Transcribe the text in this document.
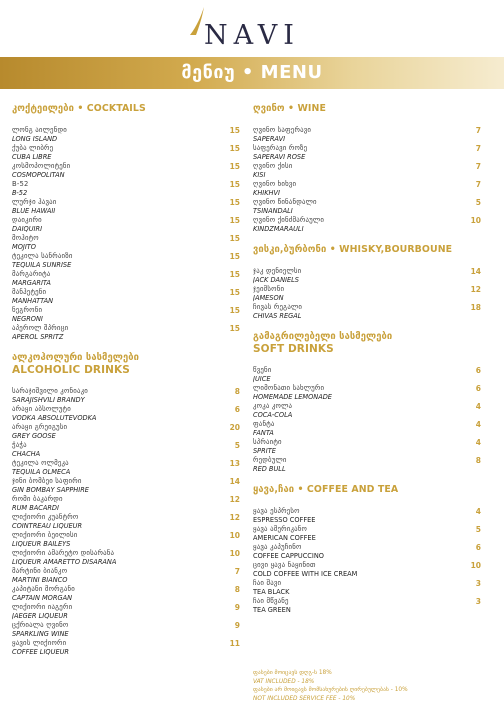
NAVI
მენიუ • MENU
კოქტეილები • COCKTAILS
ლონგ აილენდი
LONG ISLAND
15
ქუბა ლიბრე
CUBA LIBRE
15
კოსმოპოლიტენი
COSMOPOLITAN
15
B-52
B-52
15
ლურჯი ჰავაი
BLUE HAWAII
15
დაიკირი
DAIQUIRI
15
მოჰიტო
MOJITO
15
ტეკილა სანრაიზი
TEQUILA SUNRISE
15
მარგარიტა
MARGARITA
15
მანჰეტენი
MANHATTAN
15
ნეგრონი
NEGRONI
15
აპეროლ შპრიცი
APEROL SPRITZ
15
ალკოჰოლური სასმელები
ALCOHOLIC DRINKS
სარაჯიშვილი კონიაკი
SARAJISHVILI BRANDY
8
არაყი აბსოლუტი
VODKA ABSOLUTEVODKA
6
არაყი გრეიგუსი
GREY GOOSE
20
ჭაჭა
CHACHA
5
ტეკილა ოლმეკა
TEQUILA OLMECA
13
ჯინი ბომბეი საფირი
GIN BOMBAY SAPPHIRE
14
რომი ბაკარდი
RUM BACARDI
12
ლიქიორი კუანტრო
COINTREAU LIQUEUR
12
ლიქიორი ბეილისი
LIQUEUR BAILEYS
10
ლიქიორი ამარეტო დისარანა
LIQUEUR AMARETTO DISARANA
10
მარტინი ბიანკო
MARTINI BIANCO
7
კაპიტანი მორგანი
CAPTAIN MORGAN
8
ლიქიორი იაგერი
JAEGER LIQUEUR
9
ცქრიალა ღვინო
SPARKLING WINE
9
ყავის ლიქიორი
COFFEE LIQUEUR
11
ღვინო • WINE
ღვინო საფერავი
SAPERAVI
7
საფერავი როზე
SAPERAVI ROSE
7
ღვინო ქისი
KISI
7
ღვინო ხიხვი
KHIKHVI
7
ღვინო წინანდალი
TSINANDALI
5
ღვინო ქინძმარაული
KINDZMARAULI
10
ვისკი,ბურბონი • WHISKY,BOURBOUNE
ჯაკ დენიელსი
JACK DANIELS
14
ჯეიმსონი
JAMESON
12
ჩივას რეგალი
CHIVAS REGAL
18
გამაგრილებელი სასმელები
SOFT DRINKS
წვენი
JUICE
6
ლიმონათი სახლური
HOMEMADE LEMONADE
6
კოკა კოლა
COCA-COLA
4
ფანტა
FANTA
4
სპრაიტი
SPRITE
4
რედბული
RED BULL
8
ყავა,ჩაი • COFFEE AND TEA
ყავა ესპრესო
ESPRESSO COFFEE
4
ყავა ამერიკანო
AMERICAN COFFEE
5
ყავა კაპუჩინო
COFFEE CAPPUCCINO
6
ცივი ყავა ნაყინით
COLD COFFEE WITH ICE CREAM
10
ჩაი შავი
TEA BLACK
3
ჩაი მწვანე
TEA GREEN
3
ფასები მოიცავს დღგ-ს 18%
VAT INCLUDED - 18%
ფასები არ მოიცავს მომსახურების ღირებულებას - 10%
NOT INCLUDED SERVICE FEE - 10%
